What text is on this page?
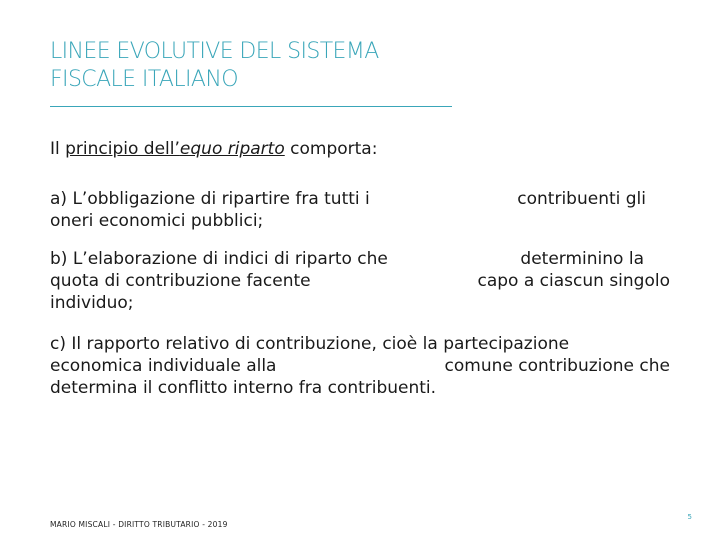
LINEE EVOLUTIVE DEL SISTEMA
FISCALE ITALIANO
Il principio dell’equo riparto comporta:
a) L’obbligazione di ripartire fra tutti i	contribuenti gli
oneri economici pubblici;
b) L’elaborazione di indici di riparto che	determinino la
quota di contribuzione facente	capo a ciascun singolo
individuo;
c) Il rapporto relativo di contribuzione, cioè la partecipazione
economica individuale alla	comune contribuzione che
determina il conflitto interno fra contribuenti.
MARIO MISCALI - DIRITTO TRIBUTARIO - 2019
5
